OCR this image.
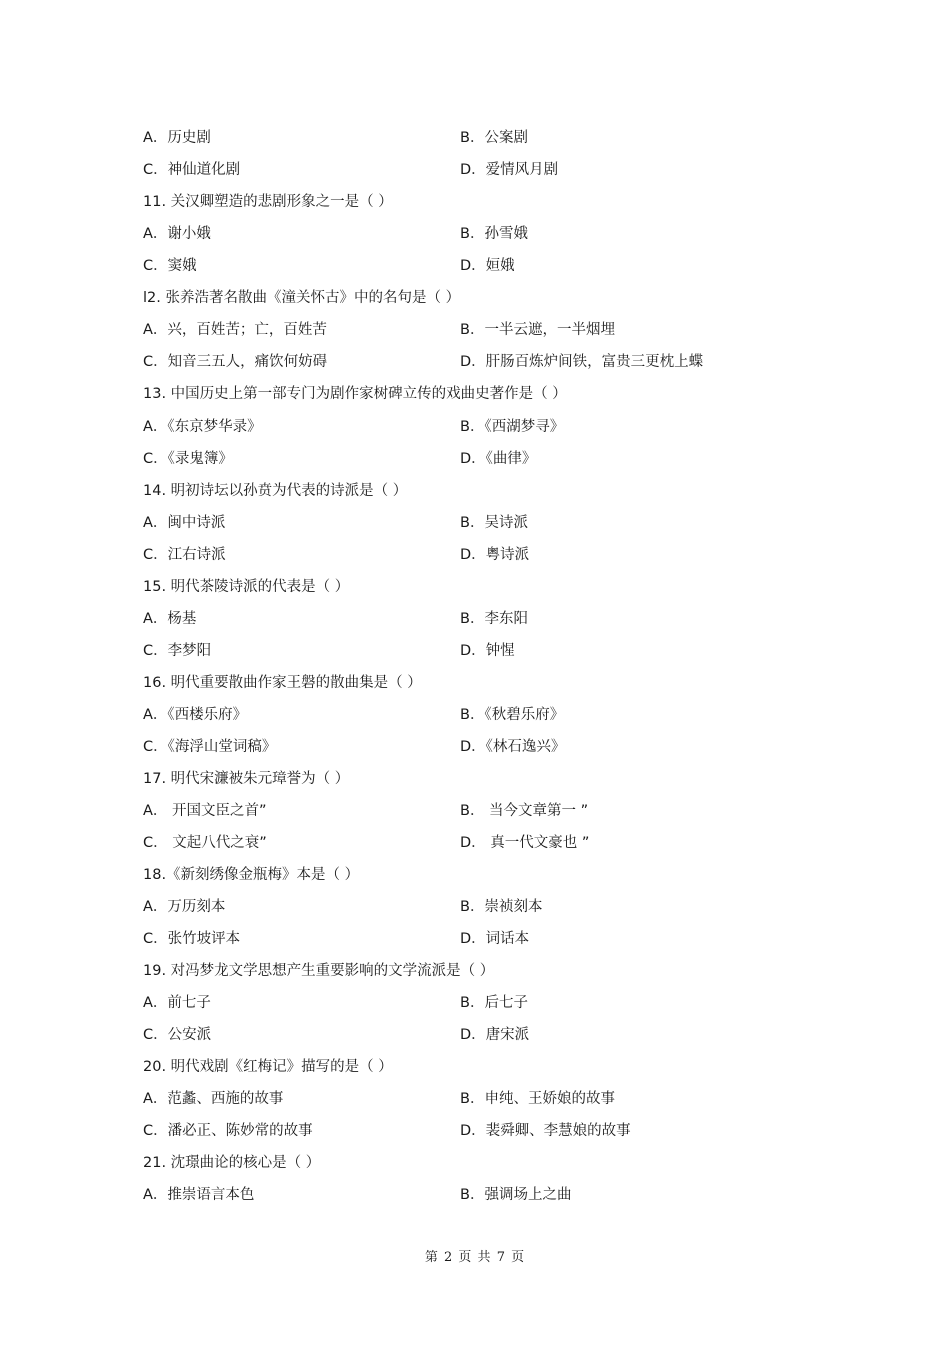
A．历史剧	B．公案剧
C．神仙道化剧	D．爱情风月剧
11. 关汉卿塑造的悲剧形象之一是（ ）
A．谢小娥	B．孙雪娥
C．窦娥	D．姮娥
l2. 张养浩著名散曲《潼关怀古》中的名句是（ ）
A．兴，百姓苦；亡，百姓苦	B．一半云遮，一半烟埋
C．知音三五人，痛饮何妨碍	D．肝肠百炼炉间铁，富贵三更枕上蝶
13. 中国历史上第一部专门为剧作家树碑立传的戏曲史著作是（ ）
A．《东京梦华录》	B．《西湖梦寻》
C．《录鬼簿》	D．《曲律》
14. 明初诗坛以孙贲为代表的诗派是（ ）
A．闽中诗派	B．吴诗派
C．江右诗派	D．粤诗派
15. 明代茶陵诗派的代表是（ ）
A．杨基	B．李东阳
C．李梦阳	D．钟惺
16. 明代重要散曲作家王磐的散曲集是（ ）
A．《西楼乐府》	B．《秋碧乐府》
C．《海浮山堂词稿》	D．《林石逸兴》
17. 明代宋濂被朱元璋誉为（ ）
A． 开国文臣之首”	B． 当今文章第一 ”
C． 文起八代之衰”	D． 真一代文豪也 ”
18.《新刻绣像金瓶梅》本是（ ）
A．万历刻本	B．崇祯刻本
C．张竹坡评本	D．词话本
19. 对冯梦龙文学思想产生重要影响的文学流派是（ ）
A．前七子	B．后七子
C．公安派	D．唐宋派
20. 明代戏剧《红梅记》描写的是（ ）
A．范蠡、西施的故事	B．申纯、王娇娘的故事
C．潘必正、陈妙常的故事	D．裴舜卿、李慧娘的故事
21. 沈璟曲论的核心是（ ）
A．推崇语言本色	B．强调场上之曲
第 2 页 共 7 页
